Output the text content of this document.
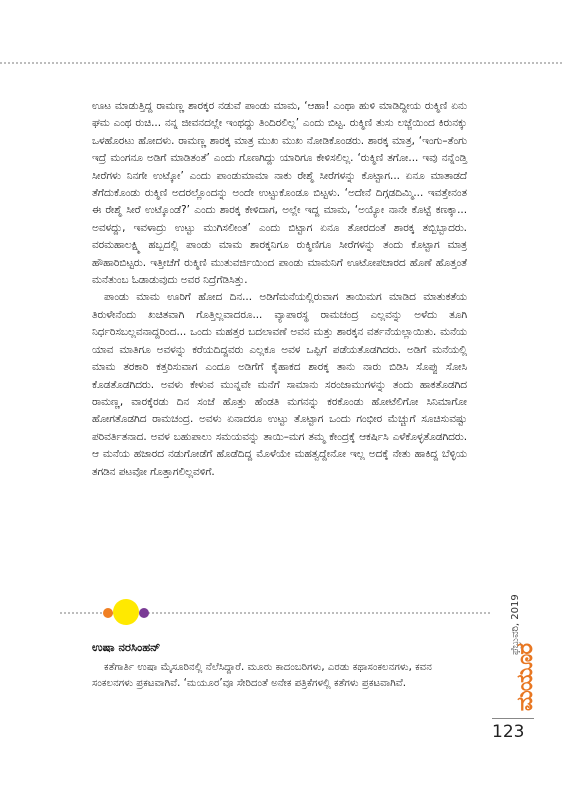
ಊಟ ಮಾಡುತ್ತಿದ್ದ ರಾಮಣ್ಣ ಶಾರಕ್ಕರ ನಡುವೆ ಪಾಂಡು ಮಾಮ, ‘ಆಹಾ! ಎಂಥಾ ಹುಳಿ ಮಾಡಿದ್ದೀಯ ರುಕ್ಮಿಣಿ ಏನು ಘಮ ಎಂಥ ರುಚಿ... ನನ್ನ ಜೀವನದಲ್ಲೇ ಇಂಥದ್ದು ತಿಂದಿರಲಿಲ್ಲ’ ಎಂದು ಬಿಟ್ಟ. ರುಕ್ಮಿಣಿ ತುಸು ಲಜ್ಜೆಯಿಂದ ಕಿರುನಕ್ಕು ಒಳಹೊರಟು ಹೋದಳು. ರಾಮಣ್ಣ ಶಾರಕ್ಕ ಮಾತ್ರ ಮುಖ ಮುಖ ನೋಡಿಕೊಂಡರು. ಶಾರಕ್ಕ ಮಾತ್ರ, ‘ಇಂಗು–ತೆಂಗು ಇದ್ರೆ ಮಂಗನೂ ಅಡಿಗೆ ಮಾಡಿತಂತೆ’ ಎಂದು ಗೊಣಗಿದ್ದು ಯಾರಿಗೂ ಕೇಳಿಸಲಿಲ್ಲ. ‘ರುಕ್ಮಿಣಿ ತಗೋ... ಇವು ನನ್ನೆಂಡ್ತಿ ಸೀರೆಗಳು ನಿನಗೇ ಉಟ್ಕೋ’ ಎಂದು ಪಾಂಡುಮಾಮಾ ನಾಕು ರೇಶ್ಮೆ ಸೀರೆಗಳನ್ನು ಕೊಟ್ಟಾಗ... ಏನೂ ಮಾತಾಡದೆ ತೆಗೆದುಕೊಂಡು ರುಕ್ಮಿಣಿ ಅದರಲ್ಲೊಂದನ್ನು ಅಂದೇ ಉಟ್ಟುಕೊಂಡೂ ಬಿಟ್ಟಳು. ‘ಅದೇನೆ ದಿಗ್ಗಡದಿಮ್ಮಿ... ಇವತ್ತೇನಂತ ಈ ರೇಶ್ಮೆ ಸೀರೆ ಉಟ್ಕೊಂಡೆ?’ ಎಂದು ಶಾರಕ್ಕ ಕೇಳಿದಾಗ, ಅಲ್ಲೇ ಇದ್ದ ಮಾಮ, ‘ಅಯ್ಯೋ ನಾನೇ ಕೊಟ್ಟೆ ಕಣಕ್ಕಾ... ಅವಳದ್ದು, ಇವಳಾದ್ರು ಉಟ್ಟು ಮುಗಿಸಲೀಂತ’ ಎಂದು ಬಿಟ್ಟಾಗ ಏನೂ ತೋರದಂತೆ ಶಾರಕ್ಕ ತಬ್ಬಿಬ್ಬಾದರು. ವರಮಹಾಲಕ್ಷ್ಮಿ ಹಬ್ಬದಲ್ಲಿ ಪಾಂಡು ಮಾಮ ಶಾರಕ್ಕನಿಗೂ ರುಕ್ಮಿಣಿಗೂ ಸೀರೆಗಳನ್ನು ತಂದು ಕೊಟ್ಟಾಗ ಮಾತ್ರ ಹೌಹಾರಿಬಿಟ್ಟರು. ಇತ್ತೀಚೆಗೆ ರುಕ್ಮಿಣಿ ಮುತುವರ್ಜಿಯಿಂದ ಪಾಂಡು ಮಾಮನಿಗೆ ಊಟೋಪಚಾರದ ಹೊಣೆ ಹೊತ್ತಂತೆ ಮನೆತುಂಬ ಓಡಾಡುವುದು ಅವರ ನಿದ್ರೆಗೆಡಿಸಿತ್ತು.

ಪಾಂಡು ಮಾಮ ಊರಿಗೆ ಹೋದ ದಿನ... ಅಡಿಗೆಮನೆಯಲ್ಲಿರುವಾಗ ತಾಯಿಮಗ ಮಾಡಿದ ಮಾತುಕತೆಯ ತಿರುಳೇನೆಂದು ಖಚಿತವಾಗಿ ಗೊತ್ತಿಲ್ಲವಾದರೂ... ವ್ಯಾಪಾರಸ್ಥ ರಾಮಚಂದ್ರ ಎಲ್ಲವನ್ನು ಅಳೆದು ತೂಗಿ ನಿರ್ಧರಿಸಬಲ್ಲವನಾದ್ದರಿಂದ... ಒಂದು ಮಹತ್ತರ ಬದಲಾವಣೆ ಅವನ ಮತ್ತು ಶಾರಕ್ಕನ ವರ್ತನೆಯಲ್ಲಾಯಿತು. ಮನೆಯ ಯಾವ ಮಾತಿಗೂ ಅವಳನ್ನು ಕರೆಯದಿದ್ದವರು ಎಲ್ಲಕೂ ಅವಳ ಒಪ್ಪಿಗೆ ಪಡೆಯತೊಡಗಿದರು. ಅಡಿಗೆ ಮನೆಯಲ್ಲಿ ಮಾಮ ತರಕಾರಿ ಕತ್ತರಿಸುವಾಗ ಎಂದೂ ಅಡಿಗೆಗೆ ಕೈಹಾಕದ ಶಾರಕ್ಕ ತಾನು ನಾರು ಬಿಡಿಸಿ ಸೊಪ್ಪು ಸೋಸಿ ಕೊಡತೊಡಗಿದರು. ಅವಳು ಕೇಳುವ ಮುನ್ನವೇ ಮನೆಗೆ ಸಾಮಾನು ಸರಂಜಾಮುಗಳನ್ನು ತಂದು ಹಾಕತೊಡಗಿದ ರಾಮಣ್ಣ, ವಾರಕ್ಕೆರಡು ದಿನ ಸಂಜೆ ಹೊತ್ತು ಹೆಂಡತಿ ಮಗನನ್ನು ಕರಕೊಂಡು ಹೋಟೆಲಿಗೋ ಸಿನಿಮಾಗೋ ಹೋಗತೊಡಗಿದ ರಾಮಚಂದ್ರ. ಅವಳು ಏನಾದರೂ ಉಟ್ಟು ತೊಟ್ಟಾಗ ಒಂದು ಗಂಭೀರ ಮೆಚ್ಚುಗೆ ಸೂಚಿಸುವಷ್ಟು ಪರಿವರ್ತಿತನಾದ. ಅವಳ ಬಹುಪಾಲು ಸಮಯವನ್ನು ತಾಯಿ–ಮಗ ತಮ್ಮ ಕೇಂದ್ರಕ್ಕೆ ಆಕರ್ಷಿಸಿ ಎಳೆಕೊಳ್ಳತೊಡಗಿದರು. ಆ ಮನೆಯ ಹಜಾರದ ನಡುಗೋಡೆಗೆ ಹೊಡೆದಿದ್ದ ಮೊಳೆಯೇ ಮಹತ್ವದ್ದೇನೋ ಇಲ್ಲ ಅದಕ್ಕೆ ನೇತು ಹಾಕಿದ್ದ ಬೆಳ್ಳಿಯ ತಗಡಿನ ಪಟವೋ ಗೊತ್ತಾಗಲಿಲ್ಲವಳಿಗೆ.

ಉಷಾ ನರಸಿಂಹನ್
ಕತೆಗಾರ್ತಿ ಉಷಾ ಮೈಸೂರಿನಲ್ಲಿ ನೆಲೆಸಿದ್ದಾರೆ. ಮೂರು ಕಾದಂಬರಿಗಳು, ಎರಡು ಕಥಾಸಂಕಲನಗಳು, ಕವನ ಸಂಕಲನಗಳು ಪ್ರಕಟವಾಗಿವೆ. ‘ಮಯೂರ’ವೂ ಸೇರಿದಂತೆ ಅನೇಕ ಪತ್ರಿಕೆಗಳಲ್ಲಿ ಕತೆಗಳು ಪ್ರಕಟವಾಗಿವೆ.
ಫೆಬ್ರುವರಿ, 2019
ಮಯೂರ
123
